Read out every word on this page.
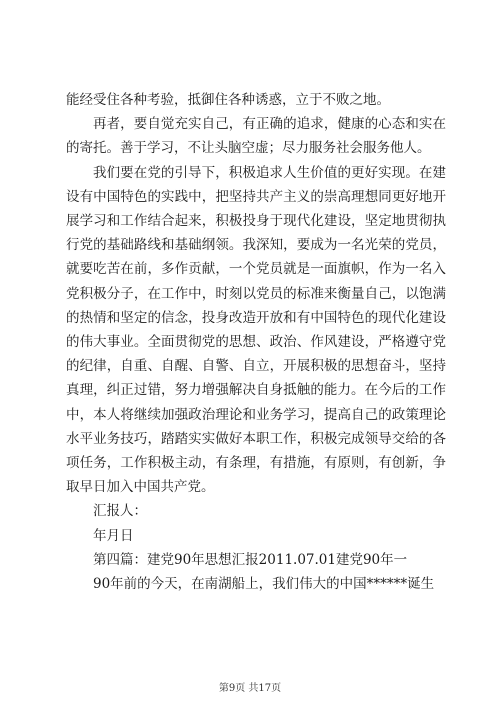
能经受住各种考验，抵御住各种诱惑，立于不败之地。

再者，要自觉充实自己，有正确的追求，健康的心态和实在的寄托。善于学习，不让头脑空虚；尽力服务社会服务他人。

我们要在党的引导下，积极追求人生价值的更好实现。在建设有中国特色的实践中，把坚持共产主义的崇高理想同更好地开展学习和工作结合起来，积极投身于现代化建设，坚定地贯彻执行党的基础路线和基础纲领。我深知，要成为一名光荣的党员，就要吃苦在前，多作贡献，一个党员就是一面旗帜，作为一名入党积极分子，在工作中，时刻以党员的标准来衡量自己，以饱满的热情和坚定的信念，投身改造开放和有中国特色的现代化建设的伟大事业。全面贯彻党的思想、政治、作风建设，严格遵守党的纪律，自重、自醒、自警、自立，开展积极的思想奋斗，坚持真理，纠正过错，努力增强解决自身抵触的能力。在今后的工作中，本人将继续加强政治理论和业务学习，提高自己的政策理论水平业务技巧，踏踏实实做好本职工作，积极完成领导交给的各项任务，工作积极主动，有条理，有措施，有原则，有创新，争取早日加入中国共产党。

汇报人：

年月日

第四篇：建党90年思想汇报2011.07.01建党90年一

90年前的今天，在南湖船上，我们伟大的中国******诞生

第9页 共17页
